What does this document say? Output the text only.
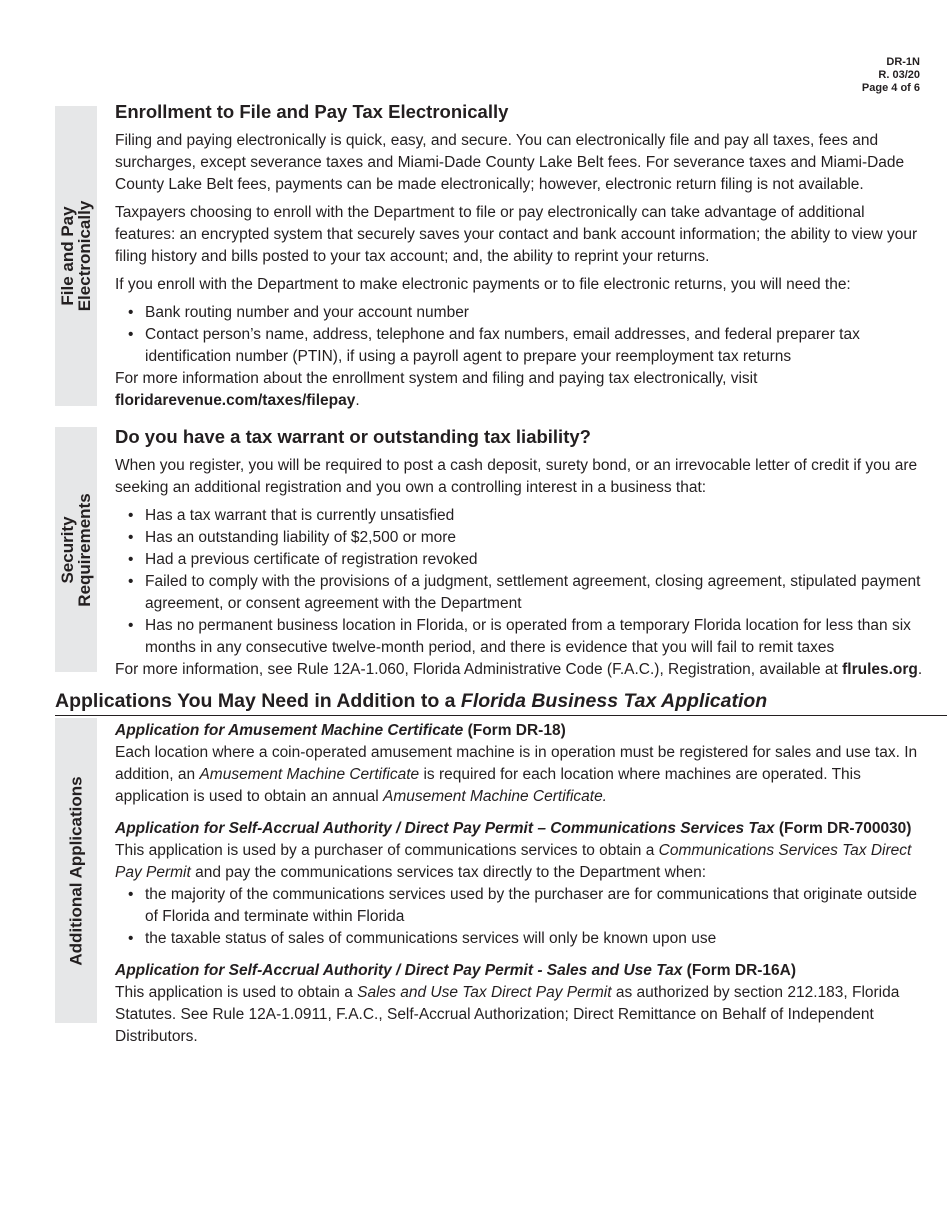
DR-1N
R. 03/20
Page 4 of 6
File and Pay
Electronically
Enrollment to File and Pay Tax Electronically

Filing and paying electronically is quick, easy, and secure. You can electronically file and pay all taxes, fees and surcharges, except severance taxes and Miami-Dade County Lake Belt fees. For severance taxes and Miami-Dade County Lake Belt fees, payments can be made electronically; however, electronic return filing is not available.

Taxpayers choosing to enroll with the Department to file or pay electronically can take advantage of additional features: an encrypted system that securely saves your contact and bank account information; the ability to view your filing history and bills posted to your tax account; and, the ability to reprint your returns.

If you enroll with the Department to make electronic payments or to file electronic returns, you will need the:

• Bank routing number and your account number
• Contact person’s name, address, telephone and fax numbers, email addresses, and federal preparer tax identification number (PTIN), if using a payroll agent to prepare your reemployment tax returns

For more information about the enrollment system and filing and paying tax electronically, visit
floridarevenue.com/taxes/filepay.

Security
Requirements
Do you have a tax warrant or outstanding tax liability?

When you register, you will be required to post a cash deposit, surety bond, or an irrevocable letter of credit if you are seeking an additional registration and you own a controlling interest in a business that:

• Has a tax warrant that is currently unsatisfied
• Has an outstanding liability of $2,500 or more
• Had a previous certificate of registration revoked
• Failed to comply with the provisions of a judgment, settlement agreement, closing agreement, stipulated payment agreement, or consent agreement with the Department
• Has no permanent business location in Florida, or is operated from a temporary Florida location for less than six months in any consecutive twelve-month period, and there is evidence that you will fail to remit taxes

For more information, see Rule 12A-1.060, Florida Administrative Code (F.A.C.), Registration, available at flrules.org.

Applications You May Need in Addition to a Florida Business Tax Application
Additional Applications
Application for Amusement Machine Certificate (Form DR-18)
Each location where a coin-operated amusement machine is in operation must be registered for sales and use tax. In addition, an Amusement Machine Certificate is required for each location where machines are operated. This application is used to obtain an annual Amusement Machine Certificate.
Application for Self-Accrual Authority / Direct Pay Permit – Communications Services Tax (Form DR-700030)
This application is used by a purchaser of communications services to obtain a Communications Services Tax Direct Pay Permit and pay the communications services tax directly to the Department when:
• the majority of the communications services used by the purchaser are for communications that originate outside of Florida and terminate within Florida
• the taxable status of sales of communications services will only be known upon use
Application for Self-Accrual Authority / Direct Pay Permit - Sales and Use Tax (Form DR-16A)
This application is used to obtain a Sales and Use Tax Direct Pay Permit as authorized by section 212.183, Florida Statutes. See Rule 12A-1.0911, F.A.C., Self-Accrual Authorization; Direct Remittance on Behalf of Independent Distributors.
